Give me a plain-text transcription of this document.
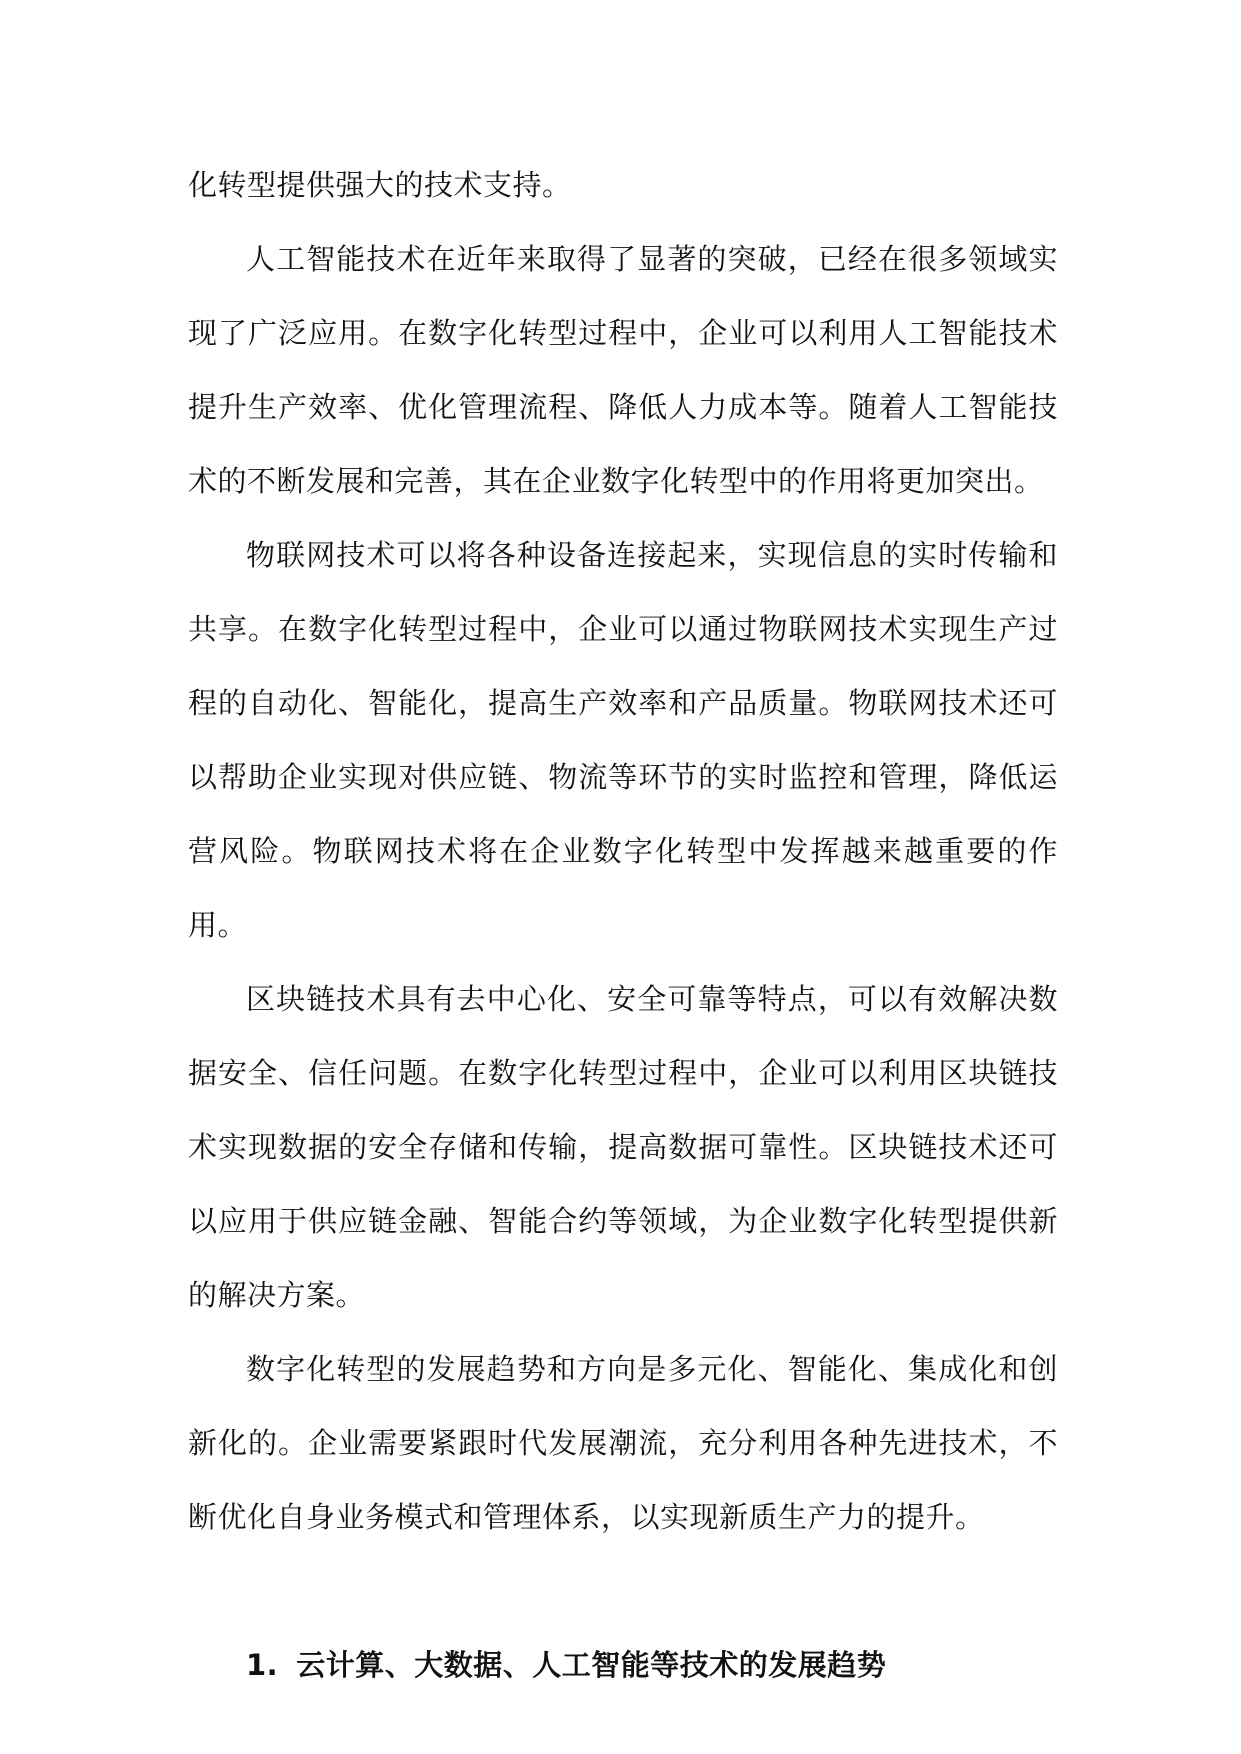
化转型提供强大的技术支持。

人工智能技术在近年来取得了显著的突破，已经在很多领域实现了广泛应用。在数字化转型过程中，企业可以利用人工智能技术提升生产效率、优化管理流程、降低人力成本等。随着人工智能技术的不断发展和完善，其在企业数字化转型中的作用将更加突出。

物联网技术可以将各种设备连接起来，实现信息的实时传输和共享。在数字化转型过程中，企业可以通过物联网技术实现生产过程的自动化、智能化，提高生产效率和产品质量。物联网技术还可以帮助企业实现对供应链、物流等环节的实时监控和管理，降低运营风险。物联网技术将在企业数字化转型中发挥越来越重要的作用。

区块链技术具有去中心化、安全可靠等特点，可以有效解决数据安全、信任问题。在数字化转型过程中，企业可以利用区块链技术实现数据的安全存储和传输，提高数据可靠性。区块链技术还可以应用于供应链金融、智能合约等领域，为企业数字化转型提供新的解决方案。

数字化转型的发展趋势和方向是多元化、智能化、集成化和创新化的。企业需要紧跟时代发展潮流，充分利用各种先进技术，不断优化自身业务模式和管理体系，以实现新质生产力的提升。

1. 云计算、大数据、人工智能等技术的发展趋势
